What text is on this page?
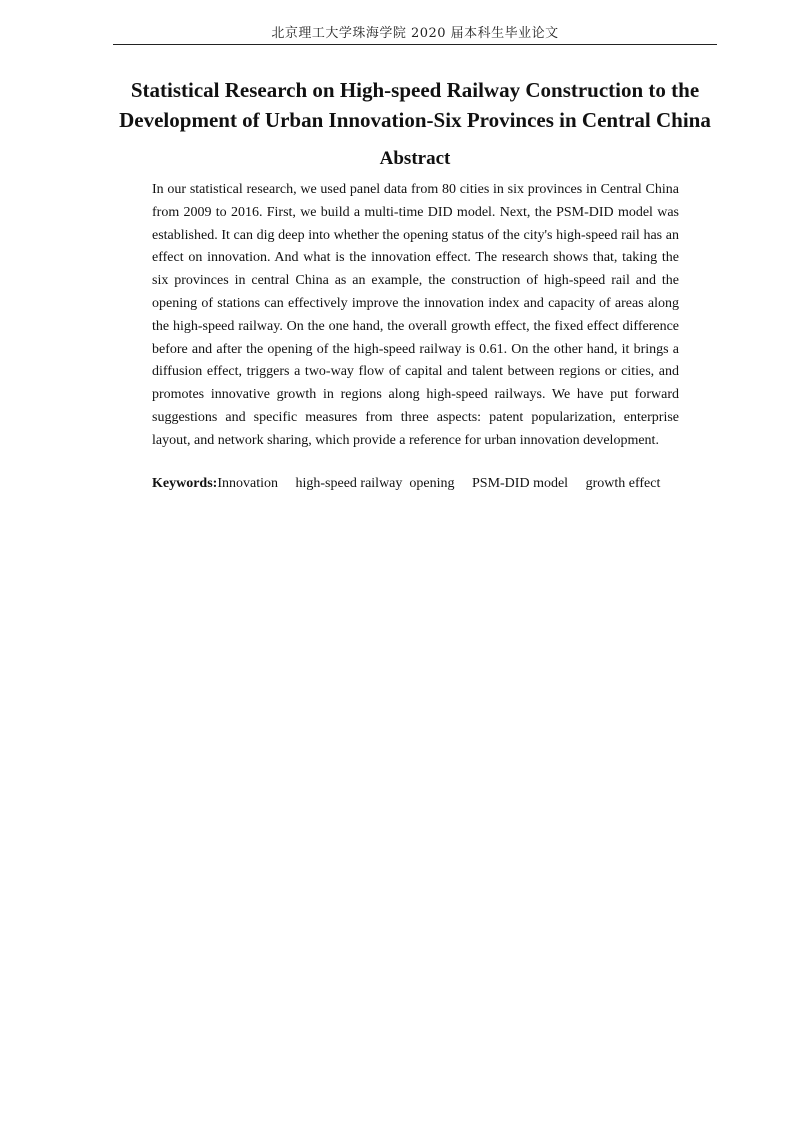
北京理工大学珠海学院 2020 届本科生毕业论文
Statistical Research on High-speed Railway Construction to the
Development of Urban Innovation-Six Provinces in Central China
Abstract

In our statistical research, we used panel data from 80 cities in six provinces in Central China from 2009 to 2016. First, we build a multi-time DID model. Next, the PSM-DID model was established. It can dig deep into whether the opening status of the city's high-speed rail has an effect on innovation. And what is the innovation effect. The research shows that, taking the six provinces in central China as an example, the construction of high-speed rail and the opening of stations can effectively improve the innovation index and capacity of areas along the high-speed railway. On the one hand, the overall growth effect, the fixed effect difference before and after the opening of the high-speed railway is 0.61. On the other hand, it brings a diffusion effect, triggers a two-way flow of capital and talent between regions or cities, and promotes innovative growth in regions along high-speed railways. We have put forward suggestions and specific measures from three aspects: patent popularization, enterprise layout, and network sharing, which provide a reference for urban innovation development.

Keywords:Innovation high-speed railway  opening PSM-DID model growth effect
